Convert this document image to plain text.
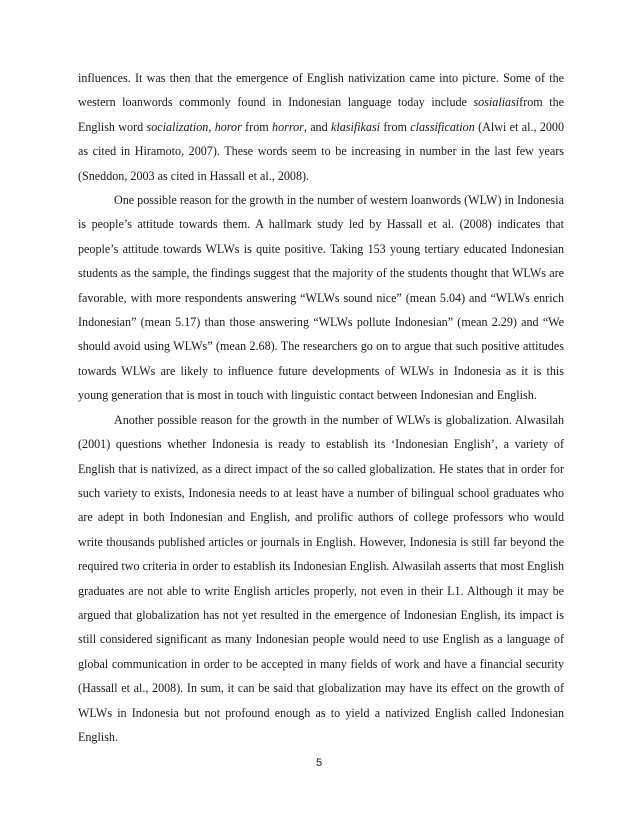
influences. It was then that the emergence of English nativization came into picture. Some of the western loanwords commonly found in Indonesian language today include sosialiasifrom the English word socialization, horor from horror, and klasifikasi from classification (Alwi et al., 2000 as cited in Hiramoto, 2007). These words seem to be increasing in number in the last few years (Sneddon, 2003 as cited in Hassall et al., 2008).

One possible reason for the growth in the number of western loanwords (WLW) in Indonesia is people’s attitude towards them. A hallmark study led by Hassall et al. (2008) indicates that people’s attitude towards WLWs is quite positive. Taking 153 young tertiary educated Indonesian students as the sample, the findings suggest that the majority of the students thought that WLWs are favorable, with more respondents answering “WLWs sound nice” (mean 5.04) and “WLWs enrich Indonesian” (mean 5.17) than those answering “WLWs pollute Indonesian” (mean 2.29) and “We should avoid using WLWs” (mean 2.68). The researchers go on to argue that such positive attitudes towards WLWs are likely to influence future developments of WLWs in Indonesia as it is this young generation that is most in touch with linguistic contact between Indonesian and English.

Another possible reason for the growth in the number of WLWs is globalization. Alwasilah (2001) questions whether Indonesia is ready to establish its ‘Indonesian English’, a variety of English that is nativized, as a direct impact of the so called globalization. He states that in order for such variety to exists, Indonesia needs to at least have a number of bilingual school graduates who are adept in both Indonesian and English, and prolific authors of college professors who would write thousands published articles or journals in English. However, Indonesia is still far beyond the required two criteria in order to establish its Indonesian English. Alwasilah asserts that most English graduates are not able to write English articles properly, not even in their L1. Although it may be argued that globalization has not yet resulted in the emergence of Indonesian English, its impact is still considered significant as many Indonesian people would need to use English as a language of global communication in order to be accepted in many fields of work and have a financial security (Hassall et al., 2008). In sum, it can be said that globalization may have its effect on the growth of WLWs in Indonesia but not profound enough as to yield a nativized English called Indonesian English.

5
